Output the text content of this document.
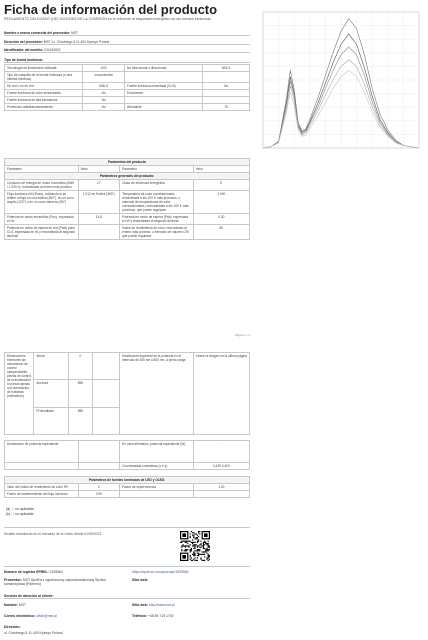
Ficha de información del producto
REGLAMENTO DELEGADO (UE) 2023/1903 DE LA COMISIÓN en lo referente al etiquetado energético de las fuentes luminosas
Nombre o marca comercial del proveedor: MST
Dirección del proveedor: MST s.l. Chrobrego 8 11-400 Kętrzyn Poland
Identificador del modelo: GI1433002
Tipo de fuente luminosa:
Tecnología de iluminación utilizada:	LED	No direccional o direccional:	NDLS
Tipo de casquillo de la fuente luminosa (u otra interfaz eléctrica)	unconnection		
De red o no de red:	MNLS	Fuente luminosa conectada (CLS):	No
Fuente luminosa de color sintonizable:	No	Envolvente:	
Fuente luminosa de alta luminancia:	No		
Protección antideslumbramiento:	No	Atenuable:	Sí
Parámetros del producto			
Parámetro	Valor	Parámetro	Valor
Parámetros generales del producto:			
Consumo de energía en modo encendido (kWh / 1 000 h), redondeado al entero más próximo	17	Clase de eficiencia energética	E
Flujo luminoso útil (Φuse), indicando si se refiere al flujo en una esfera (360°), en un cono amplio (120°) o en un cono estrecho (90°)	1 512 en Esfera (360°)	Temperatura de color correlacionada, redondeada a los 100 K más próximos, o intervalo de temperaturas de color correlacionadas, redondeadas a los 100 K más próximos, que puede regularse	3 000
Potencia en modo encendido (Pon), expresada en W	14,8	Potencia en modo de espera (Psb), expresada en W y redondeada al segundo decimal	0,30
Potencia en modo de espera en red (Pnet) para CLS, expresada en W y redondeada al segundo decimal		Índice de rendimiento de color, redondeado al entero más próximo, o intervalo de valores CRI que puede regularse	80
Página 1 / 3
Dimensiones exteriores sin mecanismo de control independiente, piezas de control de la iluminación ni piezas ajenas a la iluminación, de haberlas (milímetros)	Altura	0		Distribución espectral de la potencia en el intervalo de 250 nm a 800 nm, a plena carga	Véase la imagen en la última página
	Anchura	896			
	Profundidad	896			
Declaración de potencia equivalente		En caso afirmativo, potencia equivalente (W)	-
		Coordenadas cromáticas (x e y)	0,439 0,403
Parámetros de fuentes luminosas de LED y OLED:			
Valor del índice de rendimiento de color R9	0	Factor de supervivencia	1,00
Factor de mantenimiento del flujo luminoso	0,99		
(a) '-': no aplicable;
(b) '-': no aplicable
Modelo introducido en el mercado de la Unión desde 01/09/2023
Número de registro EPREL: 1939564	https://eprel.ec.europa.eu/qr/1939564
Proveedor: MST SpółKa z ograniczoną odpowiedzialnością Spółka komandytowa (Palermo)
Sitio web:
Servicio de atención al cliente:
Nombre: MST	Sitio web: http://www.mst.pl
Correo electrónico: office@mst.pl	Teléfono: +48 89 715 1700
Dirección:
ul. Chrobrego 8 11-400 Kętrzyn Poland
